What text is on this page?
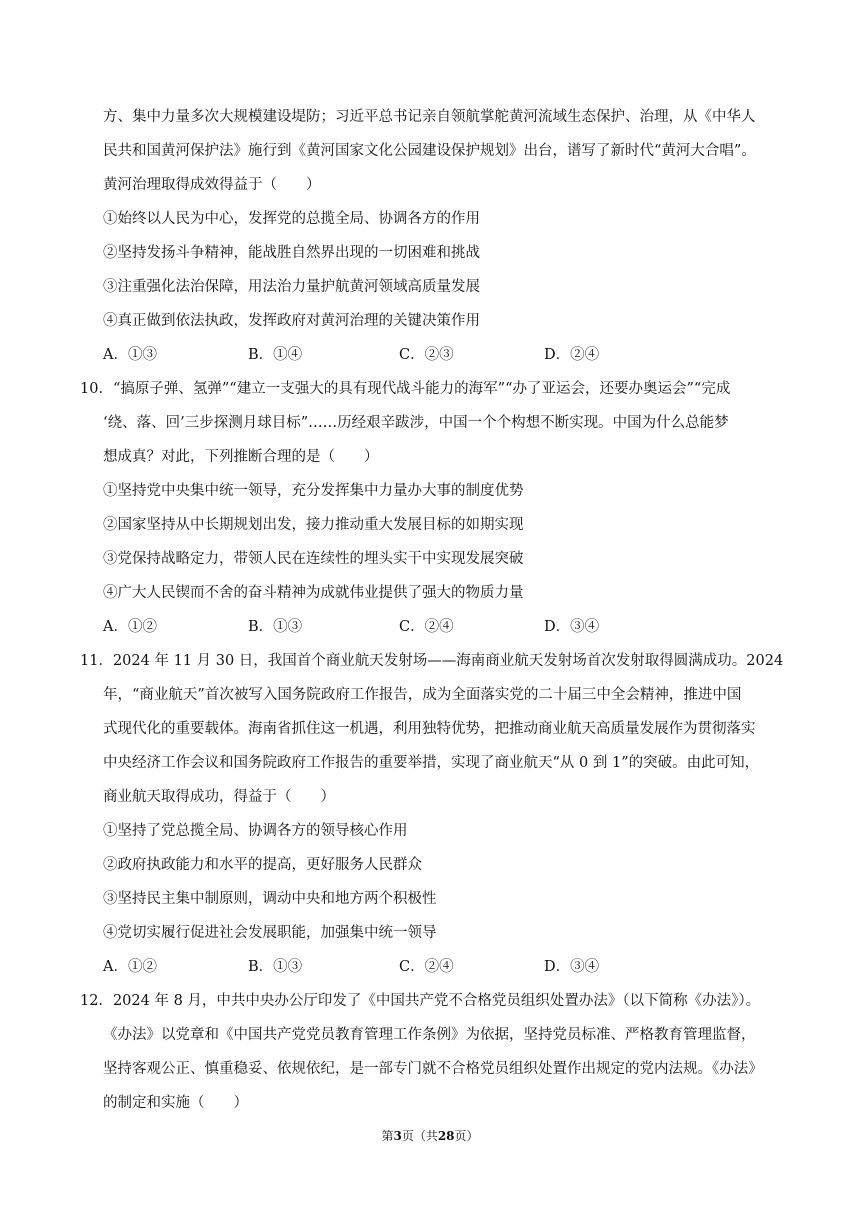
方、集中力量多次大规模建设堤防；习近平总书记亲自领航掌舵黄河流域生态保护、治理，从《中华人
民共和国黄河保护法》施行到《黄河国家文化公园建设保护规划》出台，谱写了新时代“黄河大合唱”。
黄河治理取得成效得益于（　　）
①始终以人民为中心，发挥党的总揽全局、协调各方的作用
②坚持发扬斗争精神，能战胜自然界出现的一切困难和挑战
③注重强化法治保障，用法治力量护航黄河领域高质量发展
④真正做到依法执政，发挥政府对黄河治理的关键决策作用
A．①③	B．①④	C．②③	D．②④
10．“搞原子弹、氢弹”“建立一支强大的具有现代战斗能力的海军”“办了亚运会，还要办奥运会”“完成
‘绕、落、回’三步探测月球目标”……历经艰辛跋涉，中国一个个构想不断实现。中国为什么总能梦
想成真？对此，下列推断合理的是（　　）
①坚持党中央集中统一领导，充分发挥集中力量办大事的制度优势
②国家坚持从中长期规划出发，接力推动重大发展目标的如期实现
③党保持战略定力，带领人民在连续性的埋头实干中实现发展突破
④广大人民锲而不舍的奋斗精神为成就伟业提供了强大的物质力量
A．①②	B．①③	C．②④	D．③④
11．2024 年 11 月 30 日，我国首个商业航天发射场——海南商业航天发射场首次发射取得圆满成功。2024
年，“商业航天”首次被写入国务院政府工作报告，成为全面落实党的二十届三中全会精神，推进中国
式现代化的重要载体。海南省抓住这一机遇，利用独特优势，把推动商业航天高质量发展作为贯彻落实
中央经济工作会议和国务院政府工作报告的重要举措，实现了商业航天“从 0 到 1”的突破。由此可知，
商业航天取得成功，得益于（　　）
①坚持了党总揽全局、协调各方的领导核心作用
②政府执政能力和水平的提高，更好服务人民群众
③坚持民主集中制原则，调动中央和地方两个积极性
④党切实履行促进社会发展职能，加强集中统一领导
A．①②	B．①③	C．②④	D．③④
12．2024 年 8 月，中共中央办公厅印发了《中国共产党不合格党员组织处置办法》（以下简称《办法》）。
《办法》以党章和《中国共产党党员教育管理工作条例》为依据，坚持党员标准、严格教育管理监督，
坚持客观公正、慎重稳妥、依规依纪，是一部专门就不合格党员组织处置作出规定的党内法规。《办法》
的制定和实施（　　）
第3页（共28页）
